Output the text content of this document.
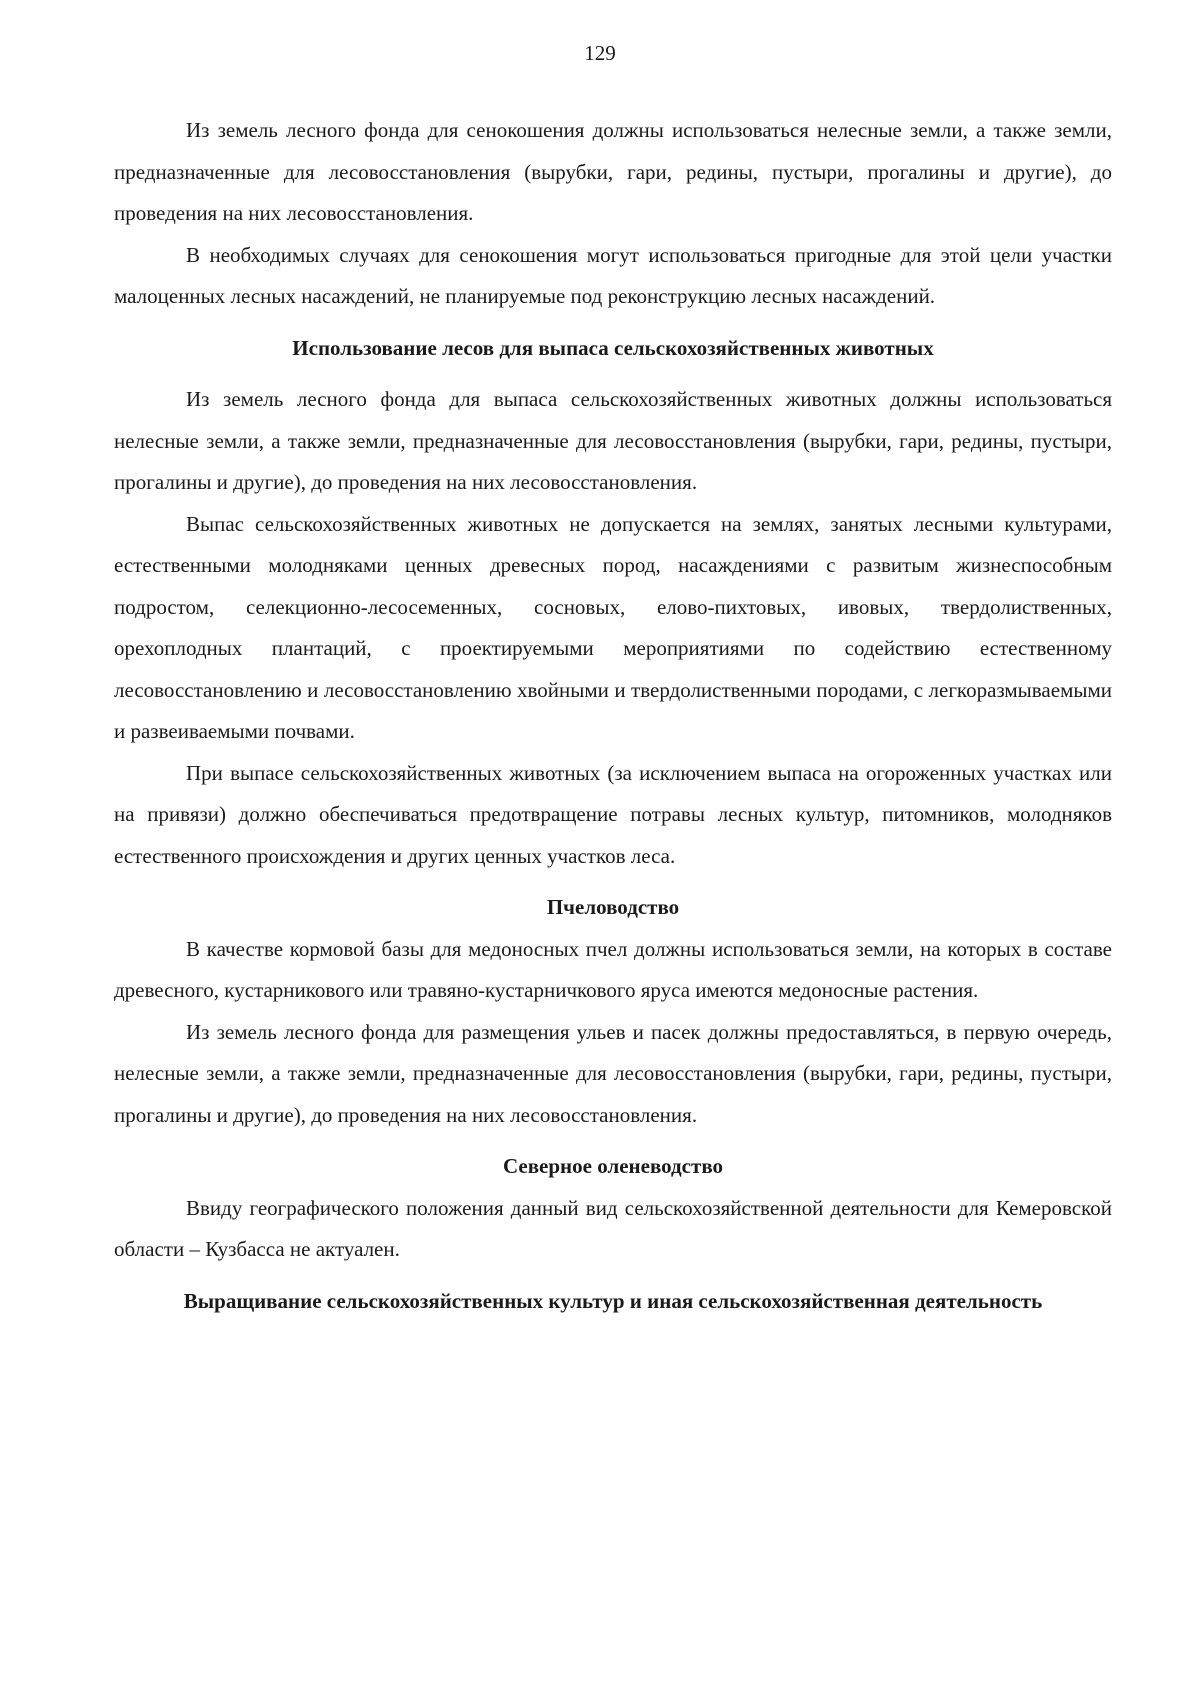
129

Из земель лесного фонда для сенокошения должны использоваться нелесные земли, а также земли, предназначенные для лесовосстановления (вырубки, гари, редины, пустыри, прогалины и другие), до проведения на них лесовосстановления.

В необходимых случаях для сенокошения могут использоваться пригодные для этой цели участки малоценных лесных насаждений, не планируемые под реконструкцию лесных насаждений.

Использование лесов для выпаса сельскохозяйственных животных

Из земель лесного фонда для выпаса сельскохозяйственных животных должны использоваться нелесные земли, а также земли, предназначенные для лесовосстановления (вырубки, гари, редины, пустыри, прогалины и другие), до проведения на них лесовосстановления.

Выпас сельскохозяйственных животных не допускается на землях, занятых лесными культурами, естественными молодняками ценных древесных пород, насаждениями с развитым жизнеспособным подростом, селекционно-лесосеменных, сосновых, елово-пихтовых, ивовых, твердолиственных, орехоплодных плантаций, с проектируемыми мероприятиями по содействию естественному лесовосстановлению и лесовосстановлению хвойными и твердолиственными породами, с легкоразмываемыми и развеиваемыми почвами.

При выпасе сельскохозяйственных животных (за исключением выпаса на огороженных участках или на привязи) должно обеспечиваться предотвращение потравы лесных культур, питомников, молодняков естественного происхождения и других ценных участков леса.

Пчеловодство

В качестве кормовой базы для медоносных пчел должны использоваться земли, на которых в составе древесного, кустарникового или травяно-кустарничкового яруса имеются медоносные растения.

Из земель лесного фонда для размещения ульев и пасек должны предоставляться, в первую очередь, нелесные земли, а также земли, предназначенные для лесовосстановления (вырубки, гари, редины, пустыри, прогалины и другие), до проведения на них лесовосстановления.

Северное оленеводство

Ввиду географического положения данный вид сельскохозяйственной деятельности для Кемеровской области – Кузбасса не актуален.

Выращивание сельскохозяйственных культур и иная сельскохозяйственная деятельность
